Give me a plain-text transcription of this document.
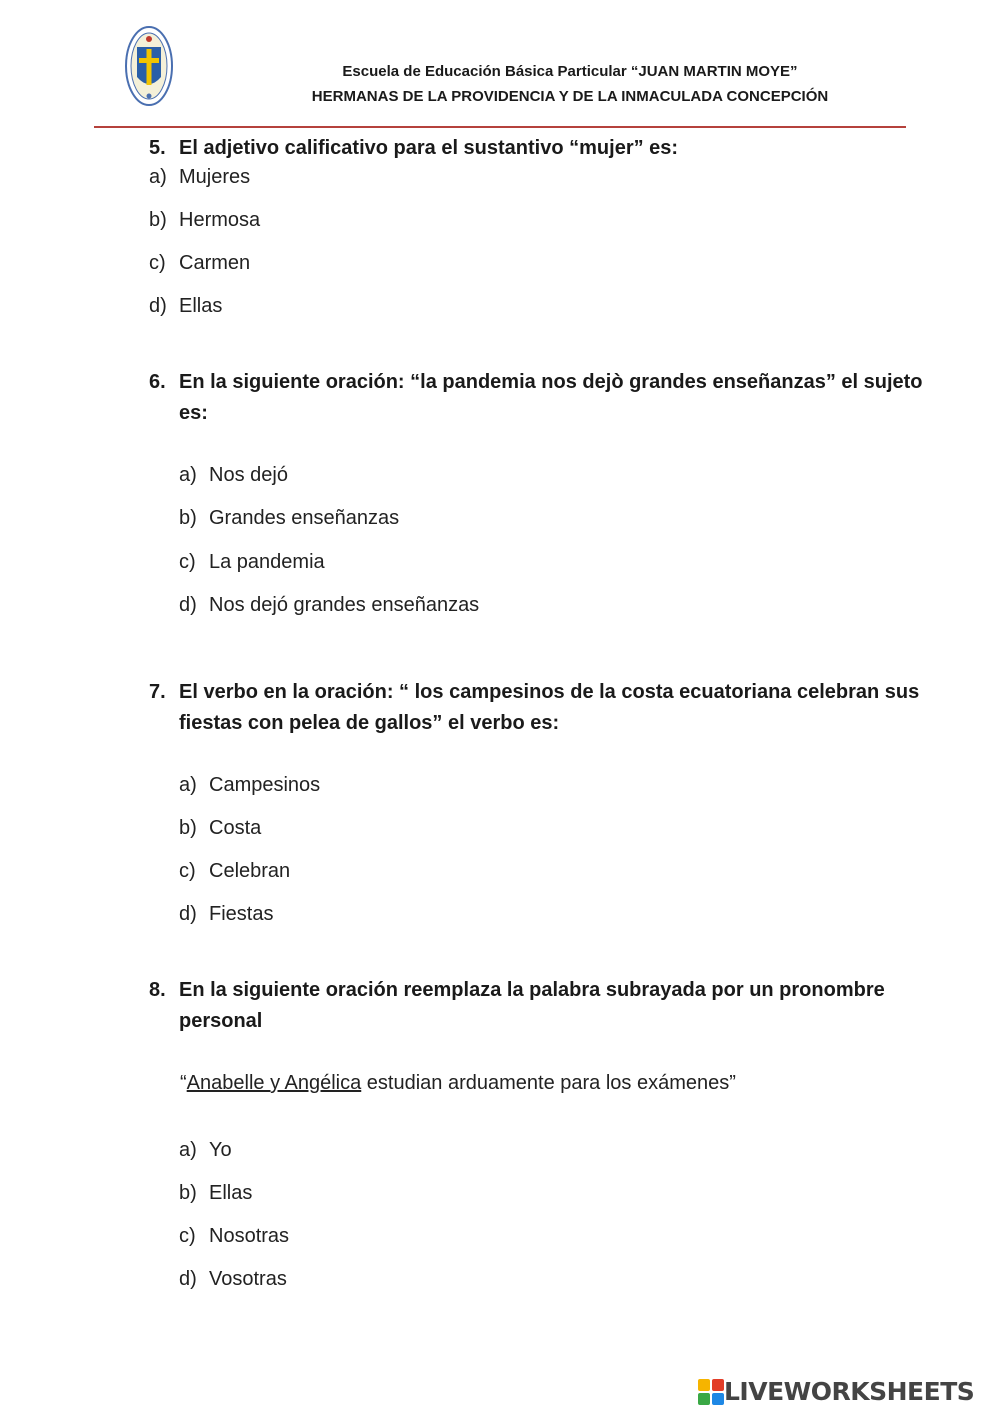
Escuela de Educación Básica Particular “JUAN MARTIN MOYE”
HERMANAS DE LA PROVIDENCIA Y DE LA INMACULADA CONCEPCIÓN
5. El adjetivo calificativo para el sustantivo “mujer” es:
a) Mujeres
b) Hermosa
c) Carmen
d) Ellas
6. En la siguiente oración: “la pandemia nos dejò grandes enseñanzas” el sujeto es:
a) Nos dejó
b) Grandes enseñanzas
c) La pandemia
d) Nos dejó grandes enseñanzas
7. El verbo en la oración: “ los campesinos de la costa ecuatoriana celebran sus fiestas con pelea de gallos” el verbo es:
a) Campesinos
b) Costa
c) Celebran
d) Fiestas
8. En la siguiente oración reemplaza la palabra subrayada por un pronombre personal
“Anabelle y Angélica estudian arduamente para los exámenes”
a) Yo
b) Ellas
c) Nosotras
d) Vosotras
LIVEWORKSHEETS
